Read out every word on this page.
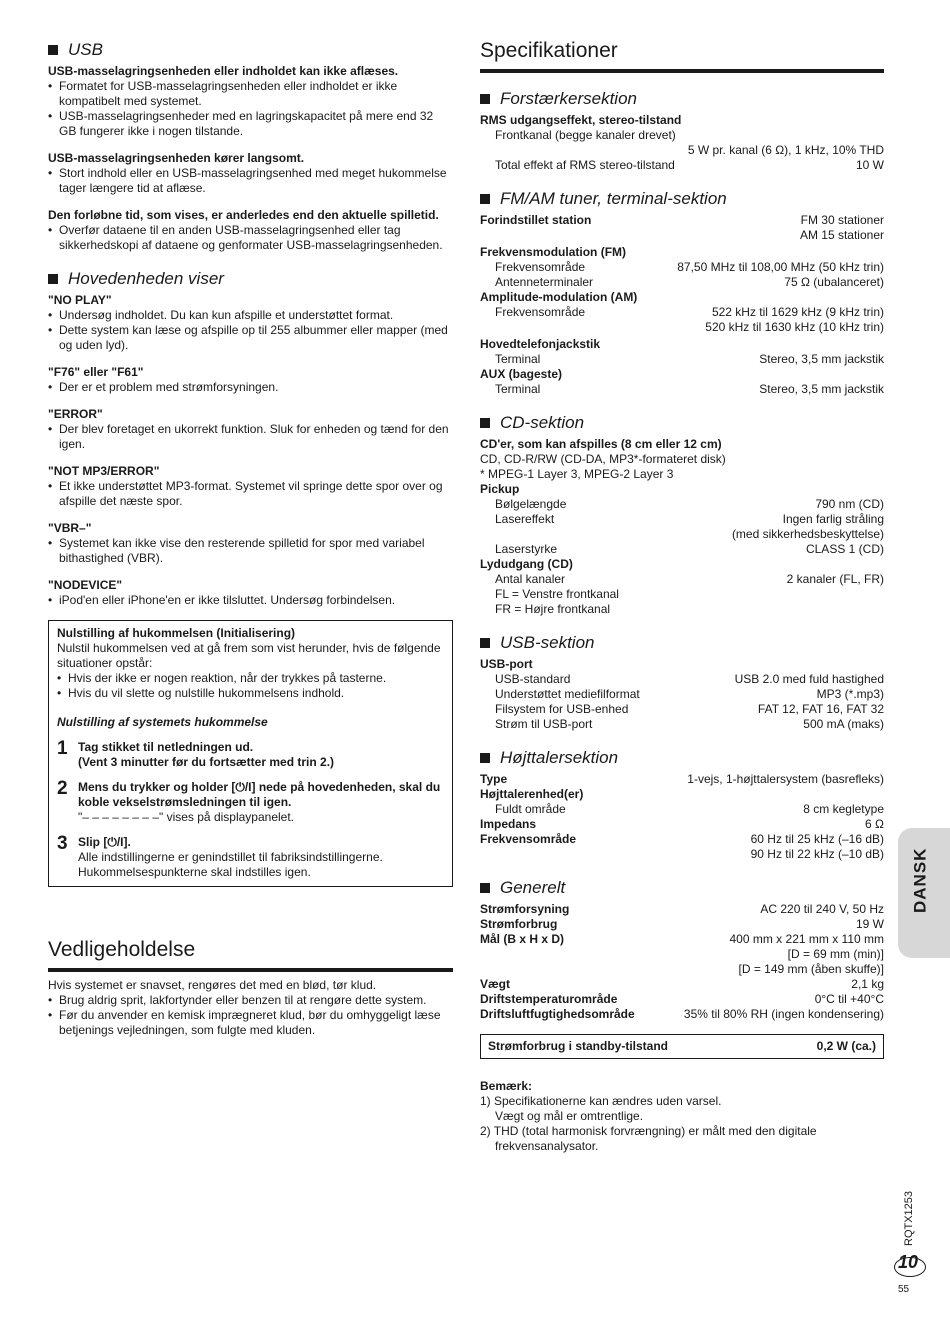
USB
USB-masselagringsenheden eller indholdet kan ikke aflæses.
• Formatet for USB-masselagringsenheden eller indholdet er ikke kompatibelt med systemet.
• USB-masselagringsenheder med en lagringskapacitet på mere end 32 GB fungerer ikke i nogen tilstande.
USB-masselagringsenheden kører langsomt.
• Stort indhold eller en USB-masselagringsenhed med meget hukommelse tager længere tid at aflæse.
Den forløbne tid, som vises, er anderledes end den aktuelle spilletid.
• Overfør dataene til en anden USB-masselagringsenhed eller tag sikkerhedskopi af dataene og genformater USB-masselagringsenheden.
Hovedenheden viser
"NO PLAY"
• Undersøg indholdet. Du kan kun afspille et understøttet format.
• Dette system kan læse og afspille op til 255 albummer eller mapper (med og uden lyd).
"F76" eller "F61"
• Der er et problem med strømforsyningen.
"ERROR"
• Der blev foretaget en ukorrekt funktion. Sluk for enheden og tænd for den igen.
"NOT MP3/ERROR"
• Et ikke understøttet MP3-format. Systemet vil springe dette spor over og afspille det næste spor.
"VBR–"
• Systemet kan ikke vise den resterende spilletid for spor med variabel bithastighed (VBR).
"NODEVICE"
• iPod'en eller iPhone'en er ikke tilsluttet. Undersøg forbindelsen.
Nulstilling af hukommelsen (Initialisering)
Nulstil hukommelsen ved at gå frem som vist herunder, hvis de følgende situationer opstår:
• Hvis der ikke er nogen reaktion, når der trykkes på tasterne.
• Hvis du vil slette og nulstille hukommelsens indhold.
Nulstilling af systemets hukommelse
1 Tag stikket til netledningen ud.
(Vent 3 minutter før du fortsætter med trin 2.)
2 Mens du trykker og holder [⏻/I] nede på hovedenheden, skal du koble vekselstrømsledningen til igen.
"– – – – – – – –" vises på displaypanelet.
3 Slip [⏻/I].
Alle indstillingerne er genindstillet til fabriksindstillingerne. Hukommelsespunkterne skal indstilles igen.
Vedligeholdelse
Hvis systemet er snavset, rengøres det med en blød, tør klud.
• Brug aldrig sprit, lakfortynder eller benzen til at rengøre dette system.
• Før du anvender en kemisk imprægneret klud, bør du omhyggeligt læse betjenings vejledningen, som fulgte med kluden.
Specifikationer
Forstærkersektion
RMS udgangseffekt, stereo-tilstand
Frontkanal (begge kanaler drevet)
5 W pr. kanal (6 Ω), 1 kHz, 10% THD
Total effekt af RMS stereo-tilstand	10 W
FM/AM tuner, terminal-sektion
Forindstillet station	FM 30 stationer
AM 15 stationer
Frekvensmodulation (FM)
Frekvensområde	87,50 MHz til 108,00 MHz (50 kHz trin)
Antenneterminaler	75 Ω (ubalanceret)
Amplitude-modulation (AM)
Frekvensområde	522 kHz til 1629 kHz (9 kHz trin)
520 kHz til 1630 kHz (10 kHz trin)
Hovedtelefonjackstik
Terminal	Stereo, 3,5 mm jackstik
AUX (bageste)
Terminal	Stereo, 3,5 mm jackstik
CD-sektion
CD'er, som kan afspilles (8 cm eller 12 cm)
CD, CD-R/RW (CD-DA, MP3*-formateret disk)
* MPEG-1 Layer 3, MPEG-2 Layer 3
Pickup
Bølgelængde	790 nm (CD)
Lasereffekt	Ingen farlig stråling
(med sikkerhedsbeskyttelse)
Laserstyrke	CLASS 1 (CD)
Lydudgang (CD)
Antal kanaler	2 kanaler (FL, FR)
FL = Venstre frontkanal
FR = Højre frontkanal
USB-sektion
USB-port
USB-standard	USB 2.0 med fuld hastighed
Understøttet mediefilformat	MP3 (*.mp3)
Filsystem for USB-enhed	FAT 12, FAT 16, FAT 32
Strøm til USB-port	500 mA (maks)
Højttalersektion
Type	1-vejs, 1-højttalersystem (basrefleks)
Højttalerenhed(er)
Fuldt område	8 cm kegletype
Impedans	6 Ω
Frekvensområde	60 Hz til 25 kHz (–16 dB)
90 Hz til 22 kHz (–10 dB)
Generelt
Strømforsyning	AC 220 til 240 V, 50 Hz
Strømforbrug	19 W
Mål (B x H x D)	400 mm x 221 mm x 110 mm
[D = 69 mm (min)]
[D = 149 mm (åben skuffe)]
Vægt	2,1 kg
Driftstemperaturområde	0°C til +40°C
Driftsluftfugtighedsområde	35% til 80% RH (ingen kondensering)
Strømforbrug i standby-tilstand	0,2 W (ca.)
Bemærk:
1) Specifikationerne kan ændres uden varsel.
Vægt og mål er omtrentlige.
2) THD (total harmonisk forvrængning) er målt med den digitale
frekvensanalysator.
DANSK
RQTX1253
10
55
